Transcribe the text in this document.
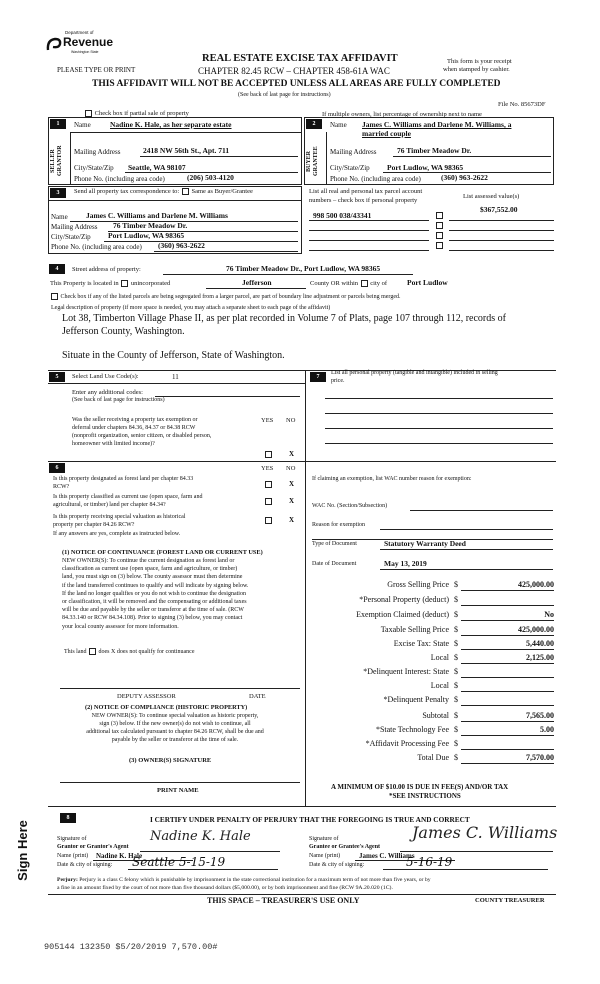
Department of
Revenue
Washington State
PLEASE TYPE OR PRINT
REAL ESTATE EXCISE TAX AFFIDAVIT
CHAPTER 82.45 RCW – CHAPTER 458-61A WAC
This form is your receipt
when stamped by cashier.
THIS AFFIDAVIT WILL NOT BE ACCEPTED UNLESS ALL AREAS ARE FULLY COMPLETED
(See back of last page for instructions)
File No. 85673DF
Check box if partial sale of property	If multiple owners, list percentage of ownership next to name
1
SELLER GRANTOR
Name	Nadine K. Hale, as her separate estate
Mailing Address	2418 NW 56th St., Apt. 711
City/State/Zip Seattle, WA 98107
Phone No. (including area code)	(206) 503-4120
2
BUYER GRANTEE
Name James C. Williams and Darlene M. Williams, a
married couple
Mailing Address	76 Timber Meadow Dr.
City/State/Zip Port Ludlow, WA 98365
Phone No. (including area code)	(360) 963-2622
3	Send all property tax correspondence to: Same as Buyer/Grantee
Name James C. Williams and Darlene M. Williams
Mailing Address 76 Timber Meadow Dr.
City/State/Zip Port Ludlow, WA 98365
Phone No. (including area code) (360) 963-2622
List all real and personal tax parcel account
numbers – check box if personal property
List assessed value(s)
$367,552.00
998 500 038/43341
4	Street address of property:	76 Timber Meadow Dr., Port Ludlow, WA 98365
This Property is located in unincorporated	Jefferson	County OR within city of	Port Ludlow
Check box if any of the listed parcels are being segregated from a larger parcel, are part of boundary line adjustment or parcels being merged.
Legal description of property (if more space is needed, you may attach a separate sheet to each page of the affidavit)
Lot 38, Timberton Village Phase II, as per plat recorded in Volume 7 of Plats, page 107 through 112, records of
Jefferson County, Washington.
Situate in the County of Jefferson, State of Washington.
5	Select Land Use Code(s):	11
Enter any additional codes:
(See back of last page for instructions)
YES NO
Was the seller receiving a property tax exemption or
deferral under chapters 84.36, 84.37 or 84.38 RCW
(nonprofit organization, senior citizen, or disabled person,
homeowner with limited income)?
X
7
List all personal property (tangible and intangible) included in selling
price.
6	YES NO
Is this property designated as forest land per chapter 84.33
RCW?	X
Is this property classified as current use (open space, farm and
agricultural, or timber) land per chapter 84.34?	X
Is this property receiving special valuation as historical
property per chapter 84.26 RCW?
X
If any answers are yes, complete as instructed below.
(1) NOTICE OF CONTINUANCE (FOREST LAND OR CURRENT USE)
NEW OWNER(S): To continue the current designation as forest land or
classification as current use (open space, farm and agriculture, or timber)
land, you must sign on (3) below. The county assessor must then determine
if the land transferred continues to qualify and will indicate by signing below.
If the land no longer qualifies or you do not wish to continue the designation
or classification, it will be removed and the compensating or additional taxes
will be due and payable by the seller or transferor at the time of sale. (RCW
84.33.140 or RCW 84.34.108). Prior to signing (3) below, you may contact
your local county assessor for more information.
This land does X does not qualify for continuance
DEPUTY ASSESSOR	DATE
(2) NOTICE OF COMPLIANCE (HISTORIC PROPERTY)
NEW OWNER(S): To continue special valuation as historic property,
sign (3) below. If the new owner(s) do not wish to continue, all
additional tax calculated pursuant to chapter 84.26 RCW, shall be due and
payable by the seller or transferor at the time of sale.
(3) OWNER(S) SIGNATURE
PRINT NAME
If claiming an exemption, list WAC number reason for exemption:
WAC No. (Section/Subsection)
Reason for exemption
Type of Document	Statutory Warranty Deed
Date of Document	May 13, 2019
Gross Selling Price $	425,000.00
*Personal Property (deduct) $
Exemption Claimed (deduct) $	No
Taxable Selling Price $	425,000.00
Excise Tax: State $	5,440.00
Local $	2,125.00
*Delinquent Interest: State $
Local $
*Delinquent Penalty $
Subtotal $	7,565.00
*State Technology Fee $	5.00
*Affidavit Processing Fee $
Total Due $	7,570.00
A MINIMUM OF $10.00 IS DUE IN FEE(S) AND/OR TAX
*SEE INSTRUCTIONS
Sign Here
8	I CERTIFY UNDER PENALTY OF PERJURY THAT THE FOREGOING IS TRUE AND CORRECT
Signature of
Grantor or Grantor's Agent
Nadine K. Hale
Name (print) Nadine K. Hale
Date & city of signing: Seattle 5-15-19
Signature of
Grantee or Grantee's Agent
James C. Williams
Name (print)	James C. Williams
Date & city of signing:	5-16-19
Perjury: Perjury is a class C felony which is punishable by imprisonment in the state correctional institution for a maximum term of not more than five years, or by
a fine in an amount fixed by the court of not more than five thousand dollars ($5,000.00), or by both imprisonment and fine (RCW 9A.20.020 (1C).
THIS SPACE – TREASURER'S USE ONLY	COUNTY TREASURER
905144 132350 $5/20/2019 7,570.00#
